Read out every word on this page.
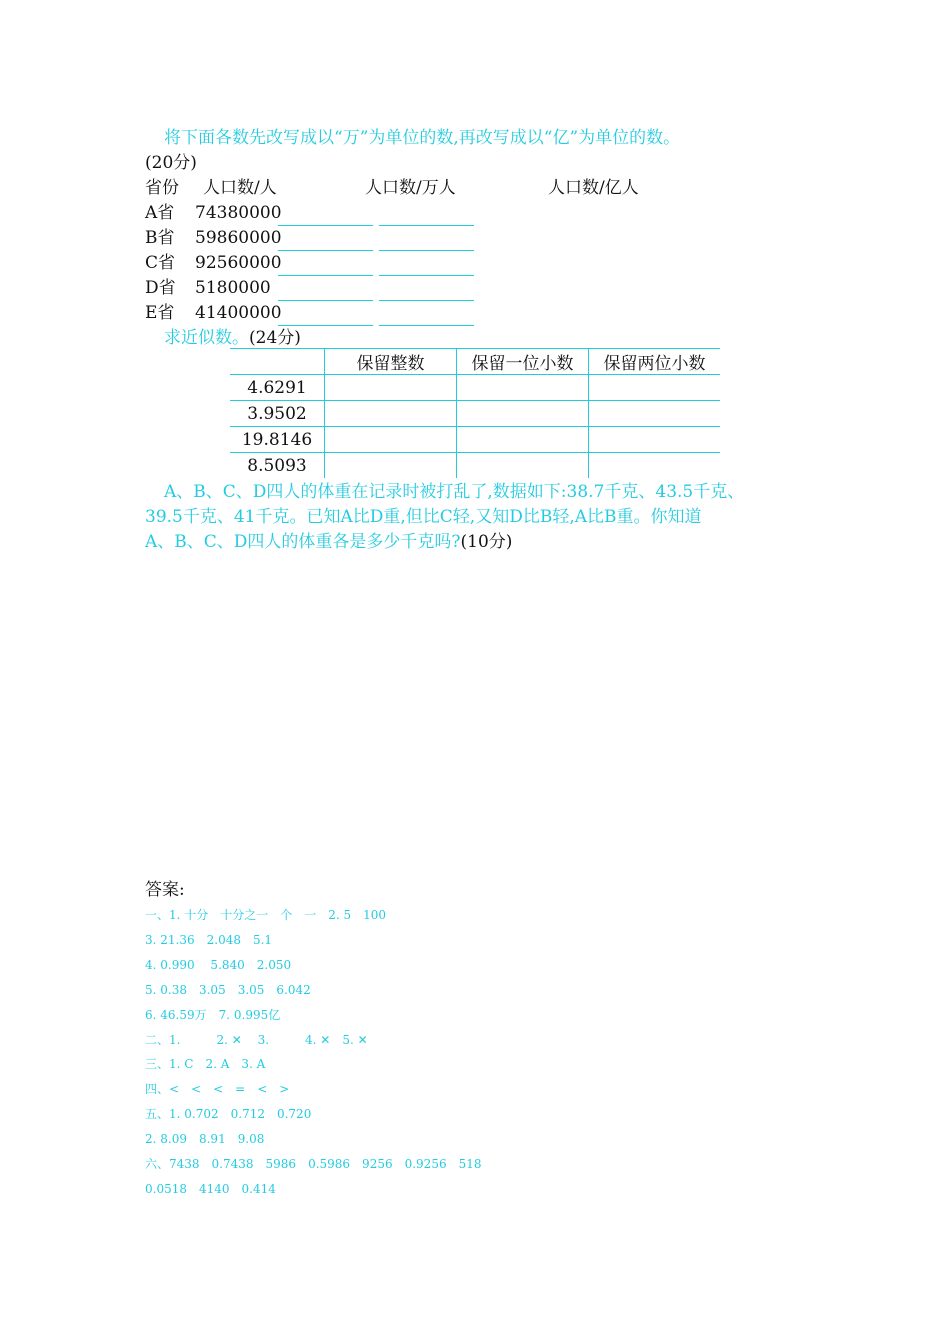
将下面各数先改写成以“万”为单位的数,再改写成以“亿”为单位的数。
(20分)
省份 人口数/人	人口数/万人	人口数/亿人
A省 74380000
B省 59860000
C省 92560000
D省 5180000
E省 41400000
求近似数。(24分)
	保留整数	保留一位小数	保留两位小数
4.6291			
3.9502			
19.8146			
8.5093			
A、B、C、D四人的体重在记录时被打乱了,数据如下:38.7千克、43.5千克、
39.5千克、41千克。已知A比D重,但比C轻,又知D比B轻,A比B重。你知道
A、B、C、D四人的体重各是多少千克吗?(10分)
答案:
一、1. 十分　十分之一　个　一　2. 5　100
3. 21.36　2.048　5.1
4. 0.990　 5.840　2.050
5. 0.38　3.05　3.05　6.042
6. 46.59万　7. 0.995亿
二、1.　　　2. ✕　 3.　　　4. ✕　5. ✕
三、1. C　2. A　3. A
四、<　<　<　=　<　>
五、1. 0.702　0.712　0.720
2. 8.09　8.91　9.08
六、7438　0.7438　5986　0.5986　9256　0.9256　518
0.0518　4140　0.414
